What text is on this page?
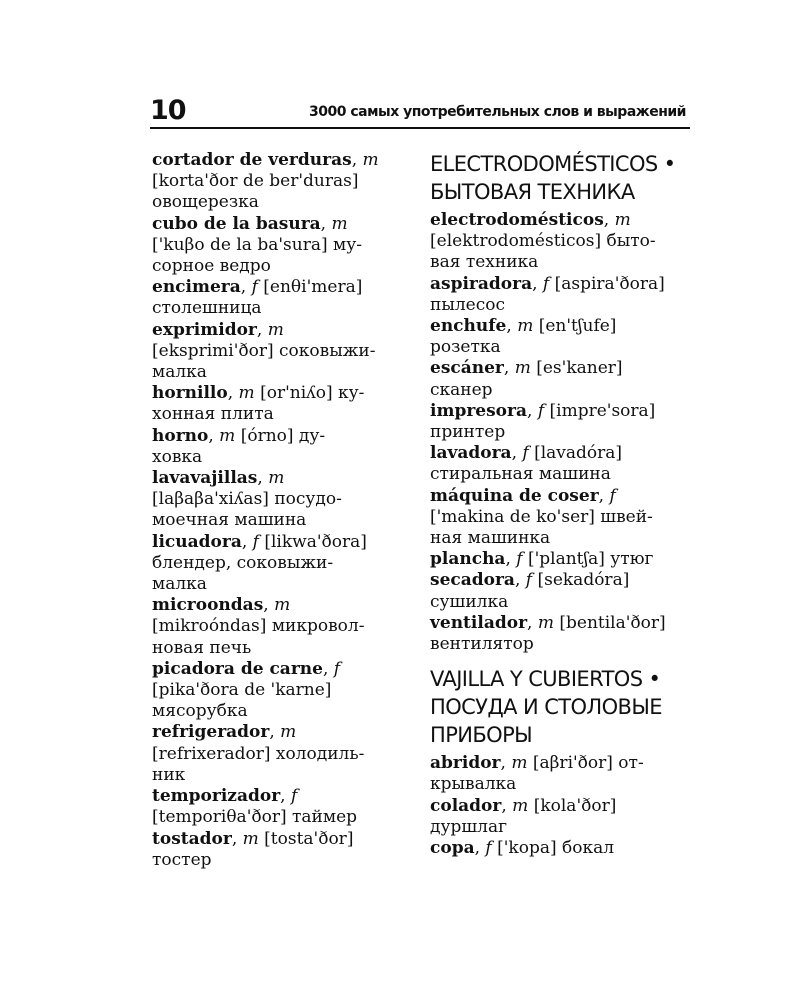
10	3000 самых употребительных слов и выражений
cortador de verduras, m
[korta'ðor de ber'duras]
овощерезка
cubo de la basura, m
['kuβo de la ba'sura] му-
сорное ведро
encimera, f [enθi'mera]
столешница
exprimidor, m
[eksprimi'ðor] соковыжи-
малка
hornillo, m [or'niʎo] ку-
хонная плита
horno, m [órno] ду-
ховка
lavavajillas, m
[laβaβa'xiʎas] посудо-
моечная машина
licuadora, f [likwa'ðora]
блендер, соковыжи-
малка
microondas, m
[mikroóndas] микровол-
новая печь
picadora de carne, f
[pika'ðora de 'karne]
мясорубка
refrigerador, m
[refrixerador] холодиль-
ник
temporizador, f
[temporiθa'ðor] таймер
tostador, m [tosta'ðor]
тостер
ELECTRODOMÉSTICOS •
БЫТОВАЯ ТЕХНИКА
electrodomésticos, m
[elektrodomésticos] быто-
вая техника
aspiradora, f [aspira'ðora]
пылесос
enchufe, m [en'tʃufe]
розетка
escáner, m [es'kaner]
сканер
impresora, f [impre'sora]
принтер
lavadora, f [lavadóra]
стиральная машина
máquina de coser, f
['makina de ko'ser] швей-
ная машинка
plancha, f ['plantʃa] утюг
secadora, f [sekadóra]
сушилка
ventilador, m [bentila'ðor]
вентилятор
VAJILLA Y CUBIERTOS •
ПОСУДА И СТОЛОВЫЕ
ПРИБОРЫ
abridor, m [aβri'ðor] от-
крывалка
colador, m [kola'ðor]
дуршлаг
copa, f ['kopa] бокал
